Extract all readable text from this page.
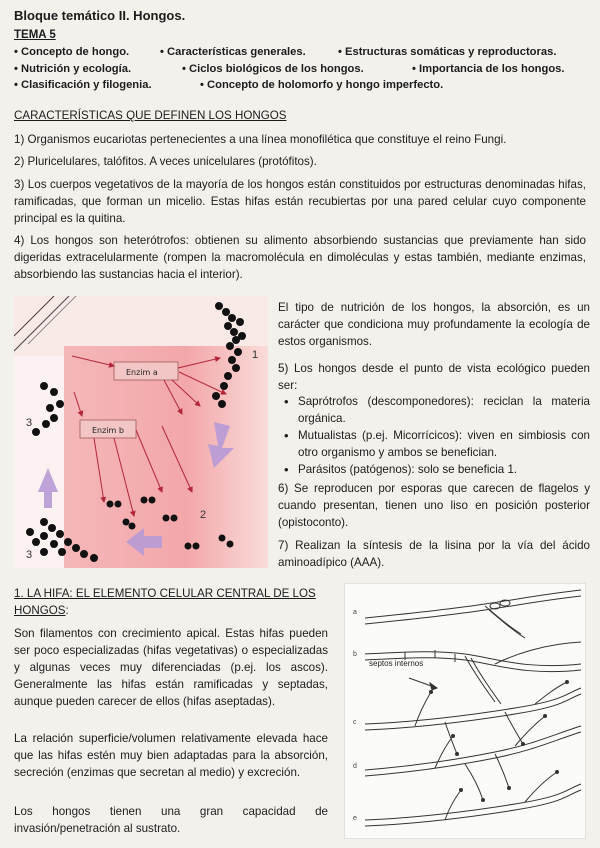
Bloque temático II. Hongos.
TEMA 5
• Concepto de hongo.	• Características generales.	• Estructuras somáticas y reproductoras.
• Nutrición y ecología.	• Ciclos biológicos de los hongos.	• Importancia de los hongos.
• Clasificación y filogenia.	• Concepto de holomorfo y hongo imperfecto.
CARACTERÍSTICAS QUE DEFINEN LOS HONGOS

1) Organismos eucariotas pertenecientes a una línea monofilética que constituye el reino Fungi.

2) Pluricelulares, talófitos. A veces unicelulares (protófitos).

3) Los cuerpos vegetativos de la mayoría de los hongos están constituidos por estructuras denominadas hifas, ramificadas, que forman un micelio. Estas hifas están recubiertas por una pared celular cuyo componente principal es la quitina.

4) Los hongos son heterótrofos: obtienen su alimento absorbiendo sustancias que previamente han sido digeridas extracelularmente (rompen la macromolécula en dimoléculas y estas también, mediante enzimas, absorbiendo las sustancias hacia el interior).

Enzim a
Enzim b
1
2
3
3

El tipo de nutrición de los hongos, la absorción, es un carácter que condiciona muy profundamente la ecología de estos organismos.

5) Los hongos desde el punto de vista ecológico pueden ser:

• Saprótrofos (descomponedores): reciclan la materia orgánica.
• Mutualistas (p.ej. Micorrícicos): viven en simbiosis con otro organismo y ambos se benefician.
• Parásitos (patógenos): solo se beneficia 1.

6) Se reproducen por esporas que carecen de flagelos y cuando presentan, tienen uno liso en posición posterior (opistoconto).

7) Realizan la síntesis de la lisina por la vía del ácido aminoadípico (AAA).

1. LA HIFA: EL ELEMENTO CELULAR CENTRAL DE LOS HONGOS:

Son filamentos con crecimiento apical. Estas hifas pueden ser poco especializadas (hifas vegetativas) o especializadas y algunas veces muy diferenciadas (p.ej. los ascos). Generalmente las hifas están ramificadas y septadas, aunque pueden carecer de ellos (hifas aseptadas).

La relación superficie/volumen relativamente elevada hace que las hifas estén muy bien adaptadas para la absorción, secreción (enzimas que secretan al medio) y excreción.

Los hongos tienen una gran capacidad de invasión/penetración al sustrato.

septos internos
a
b
c
d
e
